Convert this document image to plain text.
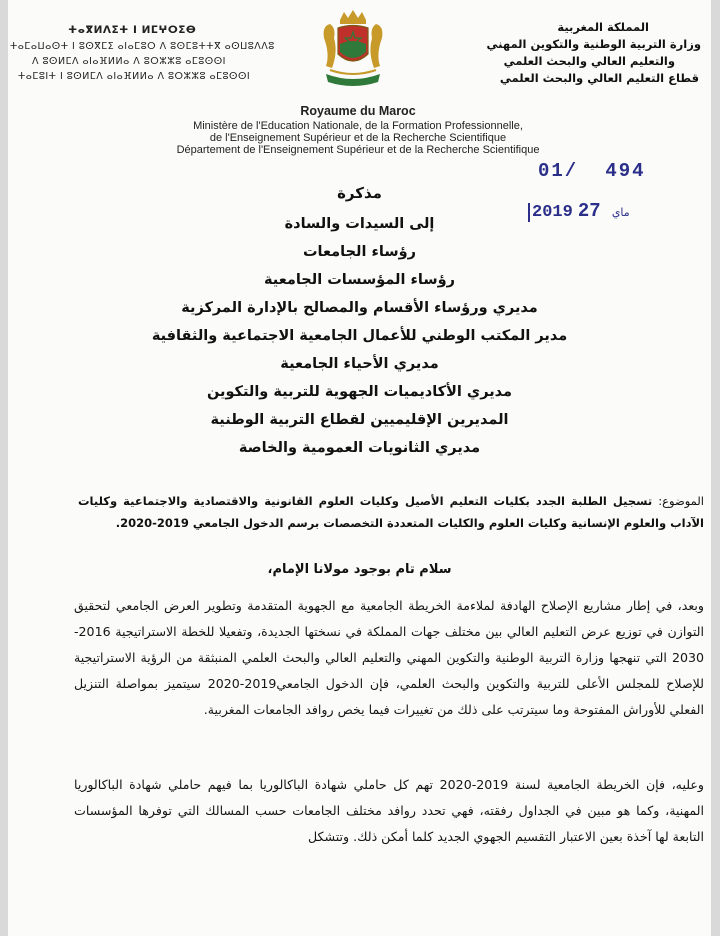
ⵜⴰⴳⵍⴷⵉⵜ ⵏ ⵍⵎⵖⵔⵉⴱ
ⵜⴰⵎⴰⵡⴰⵙⵜ ⵏ ⵓⵙⴳⵎⵉ ⴰⵏⴰⵎⵓⵔ ⴷ ⵓⵙⵎⵓⵜⵜⴳ ⴰⵙⵡⵓⴷⴷⵓ
ⴷ ⵓⵙⵍⵎⴷ ⴰⵏⴰⴼⵍⵍⴰ ⴷ ⵓⵔⵣⵣⵓ ⴰⵎⵓⵙⵙⵏ
ⵜⴰⵎⵓⵏⵜ ⵏ ⵓⵙⵍⵎⴷ ⴰⵏⴰⴼⵍⵍⴰ ⴷ ⵓⵔⵣⵣⵓ ⴰⵎⵓⵙⵙⵏ
المملكة المغربية
وزارة التربية الوطنية والتكوين المهني
والتعليم العالي والبحث العلمي
قطاع التعليم العالي والبحث العلمي
Royaume du Maroc
Ministère de l'Education Nationale, de la Formation Professionnelle,
de l'Enseignement Supérieur et de la Recherche Scientifique
Département de l'Enseignement Supérieur et de la Recherche Scientifique
01/ 494
2019	ماي 27
مذكرة
إلى السيدات والسادة
رؤساء الجامعات
رؤساء المؤسسات الجامعية
مديري ورؤساء الأقسام والمصالح بالإدارة المركزية
مدير المكتب الوطني للأعمال الجامعية الاجتماعية والثقافية
مديري الأحياء الجامعية
مديري الأكاديميات الجهوية للتربية والتكوين
المديرين الإقليميين لقطاع التربية الوطنية
مديري الثانويات العمومية والخاصة
الموضوع: تسجيل الطلبة الجدد بكليات التعليم الأصيل وكليات العلوم القانونية والاقتصادية والاجتماعية وكليات الآداب والعلوم الإنسانية وكليات العلوم والكليات المتعددة التخصصات برسم الدخول الجامعي 2019-2020.
سلام تام بوجود مولانا الإمام،
وبعد، في إطار مشاريع الإصلاح الهادفة لملاءمة الخريطة الجامعية مع الجهوية المتقدمة وتطوير العرض الجامعي لتحقيق التوازن في توزيع عرض التعليم العالي بين مختلف جهات المملكة في نسختها الجديدة، وتفعيلا للخطة الاستراتيجية 2016-2030 التي تنهجها وزارة التربية الوطنية والتكوين المهني والتعليم العالي والبحث العلمي المنبثقة من الرؤية الاستراتيجية للإصلاح للمجلس الأعلى للتربية والتكوين والبحث العلمي، فإن الدخول الجامعي2019-2020 سيتميز بمواصلة التنزيل الفعلي للأوراش المفتوحة وما سيترتب على ذلك من تغييرات فيما يخص روافد الجامعات المغربية.
وعليه، فإن الخريطة الجامعية لسنة 2019-2020 تهم كل حاملي شهادة الباكالوريا بما فيهم حاملي شهادة الباكالوريا المهنية، وكما هو مبين في الجداول رفقته، فهي تحدد روافد مختلف الجامعات حسب المسالك التي توفرها المؤسسات التابعة لها آخذة بعين الاعتبار التقسيم الجهوي الجديد كلما أمكن ذلك. وتتشكل
